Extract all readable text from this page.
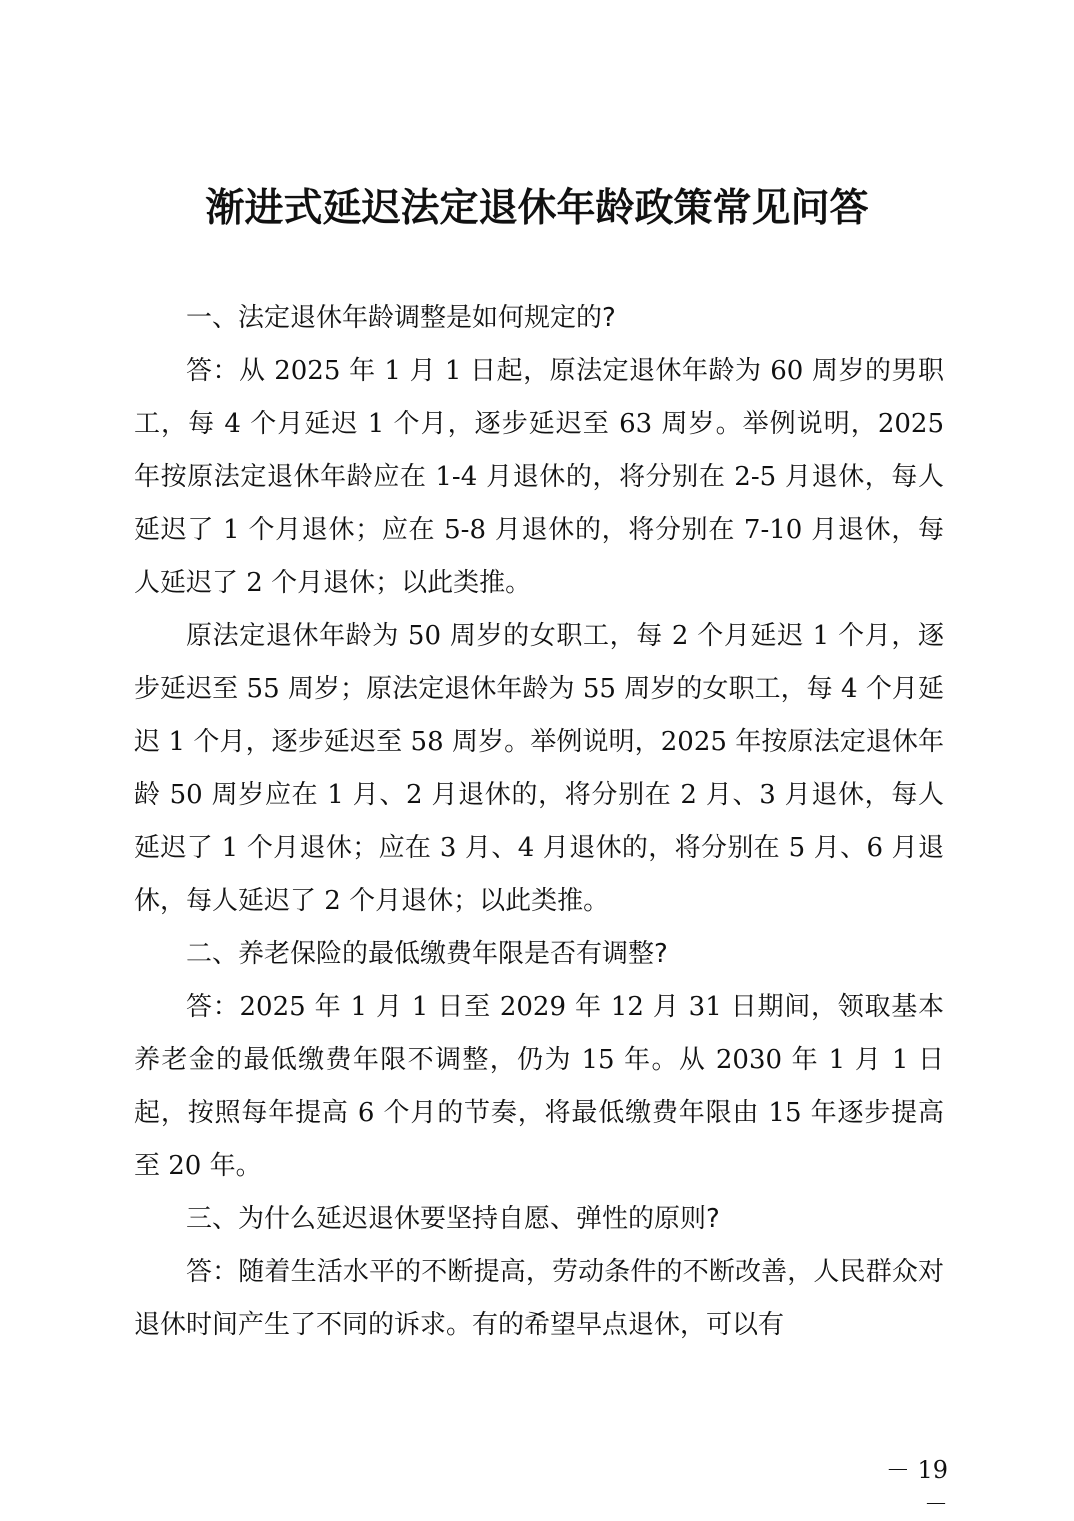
渐进式延迟法定退休年龄政策常见问答

一、法定退休年龄调整是如何规定的?

答：从 2025 年 1 月 1 日起，原法定退休年龄为 60 周岁的男职工，每 4 个月延迟 1 个月，逐步延迟至 63 周岁。举例说明，2025 年按原法定退休年龄应在 1-4 月退休的，将分别在 2-5 月退休，每人延迟了 1 个月退休；应在 5-8 月退休的，将分别在 7-10 月退休，每人延迟了 2 个月退休；以此类推。

原法定退休年龄为 50 周岁的女职工，每 2 个月延迟 1 个月，逐步延迟至 55 周岁；原法定退休年龄为 55 周岁的女职工，每 4 个月延迟 1 个月，逐步延迟至 58 周岁。举例说明，2025 年按原法定退休年龄 50 周岁应在 1 月、2 月退休的，将分别在 2 月、3 月退休，每人延迟了 1 个月退休；应在 3 月、4 月退休的，将分别在 5 月、6 月退休，每人延迟了 2 个月退休；以此类推。

二、养老保险的最低缴费年限是否有调整?

答：2025 年 1 月 1 日至 2029 年 12 月 31 日期间，领取基本养老金的最低缴费年限不调整，仍为 15 年。从 2030 年 1 月 1 日起，按照每年提高 6 个月的节奏，将最低缴费年限由 15 年逐步提高至 20 年。

三、为什么延迟退休要坚持自愿、弹性的原则?

答：随着生活水平的不断提高，劳动条件的不断改善，人民群众对退休时间产生了不同的诉求。有的希望早点退休，可以有

－ 19 －
